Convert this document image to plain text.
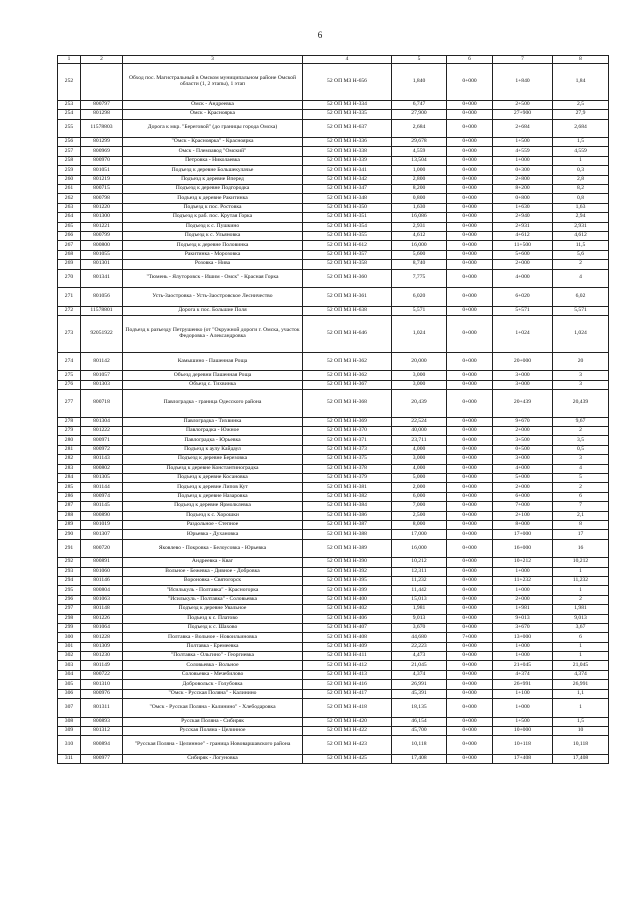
6
1	2	3	4	5	6	7	8
252		Обход пос. Магистральный в Омском муниципальном районе Омской области (1, 2 этапы), 1 этап	52 ОП МЗ Н-656	1,840	0+000	1+840	1,84
253	800797	Омск - Андреевка	52 ОП МЗ Н-334	6,747	0+000	2+500	2,5
254	801298	Омск - Красноярка	52 ОП МЗ Н-335	27,900	0+000	27+900	27,9
255	11578803	Дорога к мкр. "Береговой" (до границы города Омска)	52 ОП МЗ Н-637	2,684	0+000	2+684	2,684
256	801299	"Омск - Красноярка" - Красноярка	52 ОП МЗ Н-336	29,678	0+000	1+500	1,5
257	800969	Омск - Племзавод "Омский"	52 ОП МЗ Н-338	4,559	0+000	4+559	4,559
258	800970	Петровка - Николаевка	52 ОП МЗ Н-339	13,504	0+000	1+000	1
259	801051	Подъезд к деревне Большекулачье	52 ОП МЗ Н-341	1,000	0+000	0+300	0,3
260	801219	Подъезд к деревне Вперед	52 ОП МЗ Н-342	2,800	0+000	2+800	2,8
261	800715	Подъезд к деревне Подгородка	52 ОП МЗ Н-347	8,200	0+000	8+200	8,2
262	800798	Подъезд к деревне Ракитинка	52 ОП МЗ Н-348	0,800	0+000	0+800	0,8
263	801220	Подъезд к пос. Ростовка	52 ОП МЗ Н-350	1,630	0+000	1+630	1,63
264	801300	Подъезд к раб. пос. Крутая Горка	52 ОП МЗ Н-351	16,086	0+000	2+940	2,94
265	801221	Подъезд к с. Пушкино	52 ОП МЗ Н-354	2,931	0+000	2+931	2,931
266	800799	Подъезд к с. Ульяновка	52 ОП МЗ Н-355	4,612	0+000	4+612	4,612
267	800800	Подъезд к деревне Половинка	52 ОП МЗ Н-612	16,000	0+000	11+500	11,5
268	801055	Ракитинка - Морозовка	52 ОП МЗ Н-357	5,600	0+000	5+600	5,6
269	801301	Розовка - Нива	52 ОП МЗ Н-358	8,740	0+000	2+000	2
270	801341	"Тюмень - Ялуторовск - Ишим - Омск" - Красная Горка	52 ОП МЗ Н-360	7,775	0+000	4+000	4
271	801056	Усть-Заостровка - Усть-Заостровское Лесничество	52 ОП МЗ Н-361	6,020	0+000	6+020	6,02
272	11578801	Дорога к пос. Большие Поля	52 ОП МЗ Н-638	5,571	0+000	5+571	5,571
273	92051922	Подъезд к разъезду Петрушенко (от "Окружной дороги г. Омска, участок Федоровка - Александровка	52 ОП МЗ Н-646	1,024	0+000	1+024	1,024
274	801142	Камышино - Пашенная Роща	52 ОП МЗ Н-362	20,000	0+000	20+000	20
275	801057	Объезд деревни Пашенная Роща	52 ОП МЗ Н-362	3,000	0+000	3+000	3
276	801303	Объезд с. Тихвинка	52 ОП МЗ Н-367	3,000	0+000	3+000	3
277	800718	Павлоградка - граница Одесского района	52 ОП МЗ Н-368	20,439	0+000	20+439	20,439
278	801304	Павлоградка - Тихвинка	52 ОП МЗ Н-369	22,524	0+000	9+670	9,67
279	801222	Павлоградка - Южное	52 ОП МЗ Н-370	40,000	0+000	2+000	2
280	800971	Павлоградка - Юрьевка	52 ОП МЗ Н-371	23,711	0+000	3+500	3,5
281	800972	Подъезд к аулу Кайдаул	52 ОП МЗ Н-373	4,000	0+000	0+500	0,5
282	801143	Подъезд к деревне Березовка	52 ОП МЗ Н-375	3,000	0+000	3+000	3
283	800802	Подъезд к деревне Константиноградка	52 ОП МЗ Н-378	4,000	0+000	4+000	4
284	801305	Подъезд к деревне Косановка	52 ОП МЗ Н-379	5,000	0+000	5+000	5
285	801144	Подъезд к деревне Липов Кут	52 ОП МЗ Н-381	2,000	0+000	2+000	2
286	800974	Подъезд к деревне Назаровка	52 ОП МЗ Н-382	6,000	0+000	6+000	6
287	801145	Подъезд к деревне Ярмолклевка	52 ОП МЗ Н-384	7,000	0+000	7+000	7
288	800890	Подъезд к с. Хорошки	52 ОП МЗ Н-386	2,500	0+000	2+100	2,1
289	801019	Раздольное - Степное	52 ОП МЗ Н-387	8,000	0+000	8+000	8
290	801307	Юрьевка - Духановка	52 ОП МЗ Н-388	17,000	0+000	17+000	17
291	800720	Яковлево - Покровка - Белоусовка - Юрьевка	52 ОП МЗ Н-389	16,000	0+000	16+000	16
292	800891	Андреевка - Кваг	52 ОП МЗ Н-390	10,212	0+000	10+212	10,212
293	801060	Вольное - Бежевка - Дивное - Добровка	52 ОП МЗ Н-392	12,311	0+000	1+000	1
294	801146	Вороновка - Святогорск	52 ОП МЗ Н-395	11,232	0+000	11+232	11,232
295	800804	"Исилькуль - Полтавка" - Красногорка	52 ОП МЗ Н-399	11,442	0+000	1+000	1
296	801063	"Исилькуль - Полтавка" - Соловьевка	52 ОП МЗ Н-400	15,013	0+000	2+000	2
297	801148	Подъезд к деревне Увальное	52 ОП МЗ Н-402	1,981	0+000	1+981	1,981
298	801226	Подъезд к с. Платово	52 ОП МЗ Н-406	9,013	0+000	9+013	9,013
299	801064	Подъезд к с. Шахово	52 ОП МЗ Н-407	3,670	0+000	3+670	3,67
300	801228	Полтавка - Вольное - Новоильиновка	52 ОП МЗ Н-408	44,680	7+000	13+000	6
301	801309	Полтавка - Еремеевка	52 ОП МЗ Н-409	22,223	0+000	1+000	1
302	801230	"Полтавка - Ольгино" - Георгиевка	52 ОП МЗ Н-411	4,473	0+000	1+000	1
303	801149	Соловьевка - Вольное	52 ОП МЗ Н-412	21,045	0+000	21+045	21,045
304	800722	Соловьевка - Мечебилово	52 ОП МЗ Н-413	4,374	0+000	4+374	4,374
305	801310	Добровольск - Голубовка	52 ОП МЗ Н-416	26,991	0+000	26+991	26,991
306	800976	"Омск - Русская Поляна" - Калинино	52 ОП МЗ Н-417	45,391	0+000	1+100	1,1
307	801311	"Омск - Русская Поляна - Калинино" - Хлебодаровка	52 ОП МЗ Н-418	18,135	0+000	1+000	1
308	800893	Русская Поляна - Сибиряк	52 ОП МЗ Н-420	46,154	0+000	1+500	1,5
309	801312	Русская Поляна - Целинное	52 ОП МЗ Н-422	45,700	0+000	10+000	10
310	800894	"Русская Поляна - Целинное" - граница Нововаршавского района	52 ОП МЗ Н-423	10,118	0+000	10+118	10,118
311	800977	Сибиряк - Логуновка	52 ОП МЗ Н-425	17,408	0+000	17+408	17,408
